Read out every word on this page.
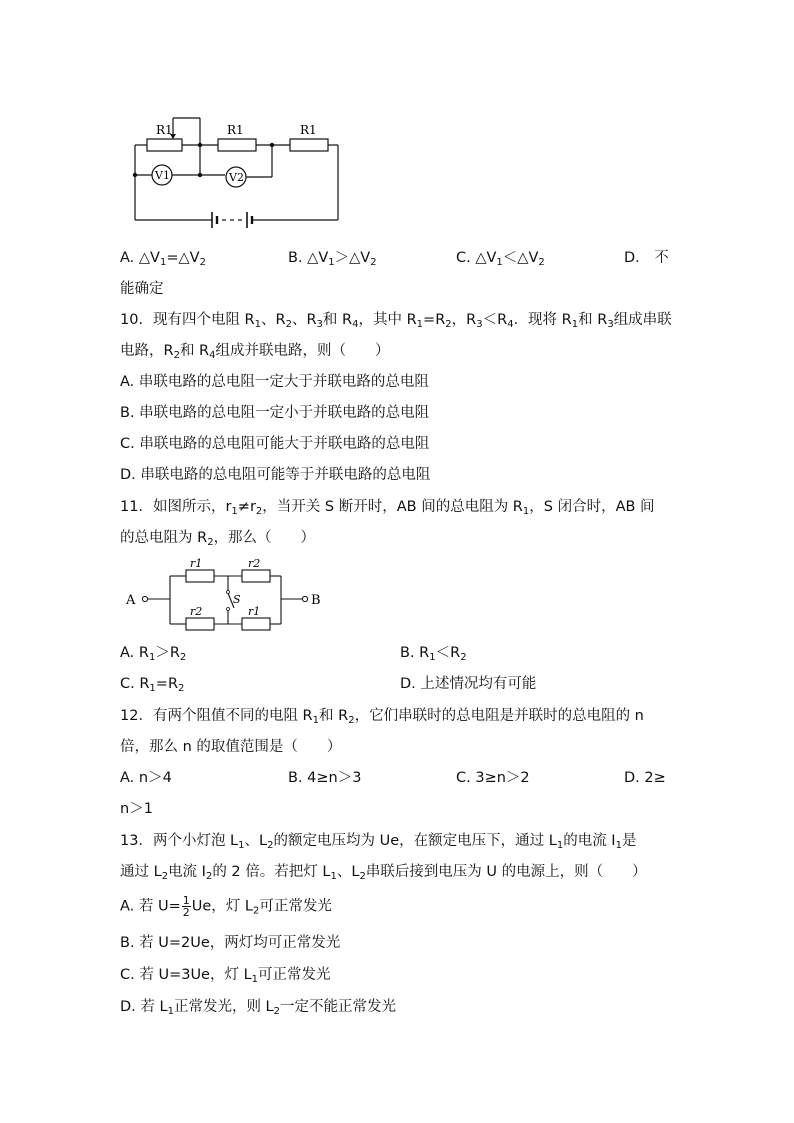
R1	R1	R1
V1	V2
A. $\triangle V_1=\triangle V_2$	B. $\triangle V_1>\triangle V_2$	C. $\triangle V_1<\triangle V_2$	D． 不
能确定
10．现有四个电阻 $R_1$、$R_2$、$R_3$和 $R_4$，其中 $R_1=R_2$，$R_3<R_4$．现将 $R_1$和 $R_3$组成串联
电路，$R_2$和 $R_4$组成并联电路，则（　　）
A. 串联电路的总电阻一定大于并联电路的总电阻
B. 串联电路的总电阻一定小于并联电路的总电阻
C. 串联电路的总电阻可能大于并联电路的总电阻
D. 串联电路的总电阻可能等于并联电路的总电阻
11．如图所示，$r_1\ne r_2$，当开关 S 断开时，AB 间的总电阻为 $R_1$，S 闭合时，AB 间
的总电阻为 $R_2$，那么（　　）
A	B
S
r1	r2
r2	r1
A. $R_1>R_2$	B. $R_1<R_2$
C. $R_1=R_2$	D. 上述情况均有可能
12．有两个阻值不同的电阻 $R_1$和 $R_2$，它们串联时的总电阻是并联时的总电阻的 n
倍，那么 n 的取值范围是（　　）
A. n＞4	B. 4≥n＞3	C. 3≥n＞2	D. 2≥
n＞1
13．两个小灯泡 $L_1$、$L_2$的额定电压均为 Ue，在额定电压下，通过 $L_1$的电流 $I_1$是
通过 $L_2$电流 $I_2$的 2 倍。若把灯 $L_1$、$L_2$串联后接到电压为 U 的电源上，则（　　）
A. 若 $U= \frac{1}{2}$ Ue，灯 $L_2$可正常发光
B. 若 U=2Ue，两灯均可正常发光
C. 若 U=3Ue，灯 $L_1$可正常发光
D. 若 $L_1$正常发光，则 $L_2$一定不能正常发光
